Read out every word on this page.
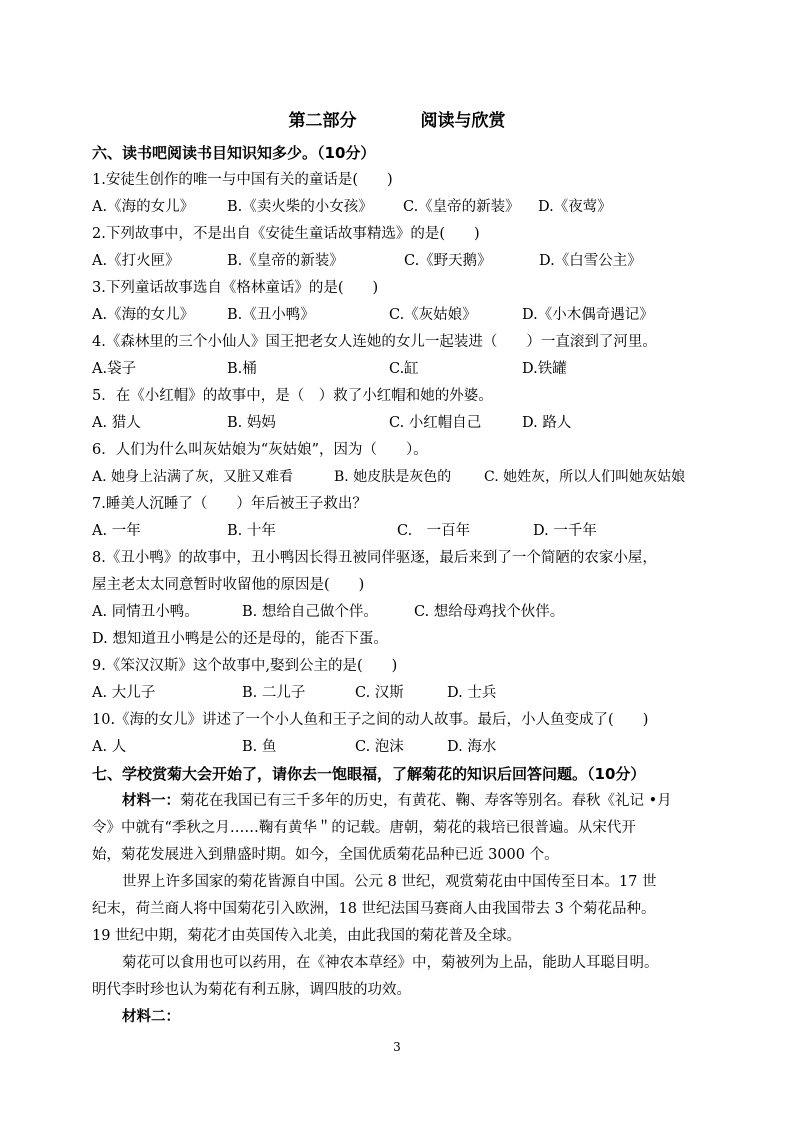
第二部分	阅读与欣赏
六、读书吧阅读书目知识知多少。（10分）
1.安徒生创作的唯一与中国有关的童话是(　　)
A.《海的女儿》 B.《卖火柴的小女孩》 C.《皇帝的新装》 D.《夜莺》
2.下列故事中，不是出自《安徒生童话故事精选》的是(　　)
A.《打火匣》	B.《皇帝的新装》	C.《野天鹅》	D.《白雪公主》
3.下列童话故事选自《格林童话》的是(　　)
A.《海的女儿》 B.《丑小鸭》	C.《灰姑娘》	D.《小木偶奇遇记》
4.《森林里的三个小仙人》国王把老女人连她的女儿一起装进（　　）一直滚到了河里。
A.袋子	B.桶	C.缸	D.铁罐
5．在《小红帽》的故事中，是（　）救了小红帽和她的外婆。
A. 猎人	B. 妈妈	C. 小红帽自己	D. 路人
6．人们为什么叫灰姑娘为“灰姑娘”，因为（　　）。
A. 她身上沾满了灰，又脏又难看	B. 她皮肤是灰色的 C. 她姓灰，所以人们叫她灰姑娘
7.睡美人沉睡了（　　）年后被王子救出？
A. 一年	B. 十年	C.　一百年	D. 一千年
8.《丑小鸭》的故事中，丑小鸭因长得丑被同伴驱逐，最后来到了一个简陋的农家小屋，
屋主老太太同意暂时收留他的原因是(　　)
A. 同情丑小鸭。	B. 想给自己做个伴。 C. 想给母鸡找个伙伴。
D. 想知道丑小鸭是公的还是母的，能否下蛋。
9.《笨汉汉斯》这个故事中,娶到公主的是(　　)
A. 大儿子	B. 二儿子	C. 汉斯	D. 士兵
10.《海的女儿》讲述了一个小人鱼和王子之间的动人故事。最后，小人鱼变成了(　　)
A. 人	B. 鱼	C. 泡沫	D. 海水
七、学校赏菊大会开始了，请你去一饱眼福，了解菊花的知识后回答问题。（10分）
材料一：菊花在我国已有三千多年的历史，有黄花、鞠、寿客等别名。春秋《礼记 •月
令》中就有“季秋之月……鞠有黄华＂的记载。唐朝，菊花的栽培已很普遍。从宋代开
始，菊花发展进入到鼎盛时期。如今，全国优质菊花品种已近 3000 个。
世界上许多国家的菊花皆源自中国。公元 8 世纪，观赏菊花由中国传至日本。17 世
纪末，荷兰商人将中国菊花引入欧洲，18 世纪法国马赛商人由我国带去 3 个菊花品种。
19 世纪中期，菊花才由英国传入北美，由此我国的菊花普及全球。
菊花可以食用也可以药用，在《神农本草经》中，菊被列为上品，能助人耳聪目明。
明代李时珍也认为菊花有利五脉，调四肢的功效。
材料二：
3
